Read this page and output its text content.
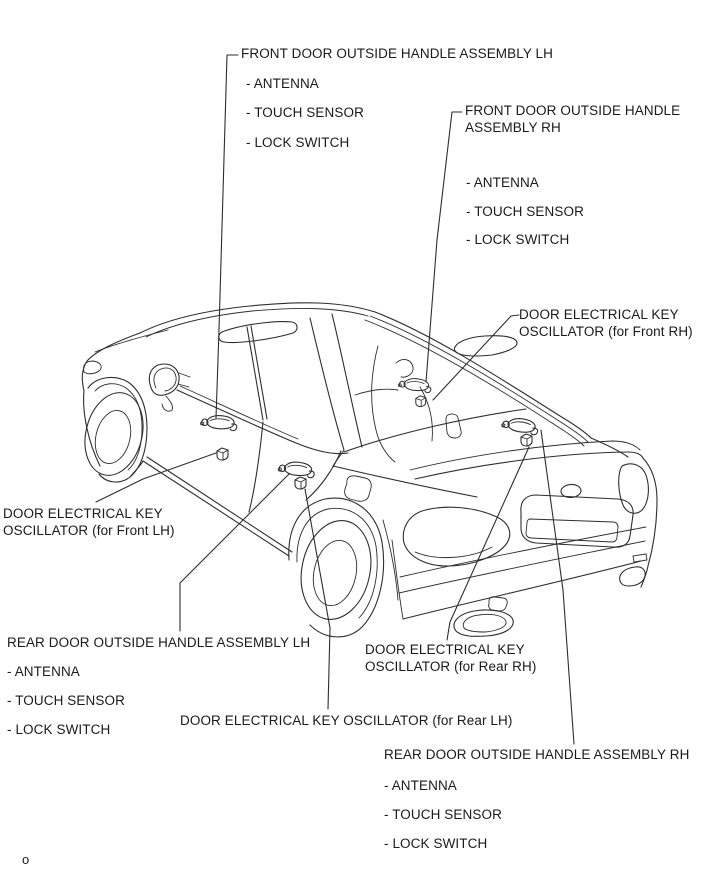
FRONT DOOR OUTSIDE HANDLE ASSEMBLY LH
- ANTENNA
- TOUCH SENSOR
- LOCK SWITCH
FRONT DOOR OUTSIDE HANDLE
ASSEMBLY RH
- ANTENNA
- TOUCH SENSOR
- LOCK SWITCH
DOOR ELECTRICAL KEY
OSCILLATOR (for Front RH)
DOOR ELECTRICAL KEY
OSCILLATOR (for Front LH)
REAR DOOR OUTSIDE HANDLE ASSEMBLY LH
- ANTENNA
- TOUCH SENSOR
- LOCK SWITCH
DOOR ELECTRICAL KEY OSCILLATOR (for Rear LH)
DOOR ELECTRICAL KEY
OSCILLATOR (for Rear RH)
REAR DOOR OUTSIDE HANDLE ASSEMBLY RH
- ANTENNA
- TOUCH SENSOR
- LOCK SWITCH
o
